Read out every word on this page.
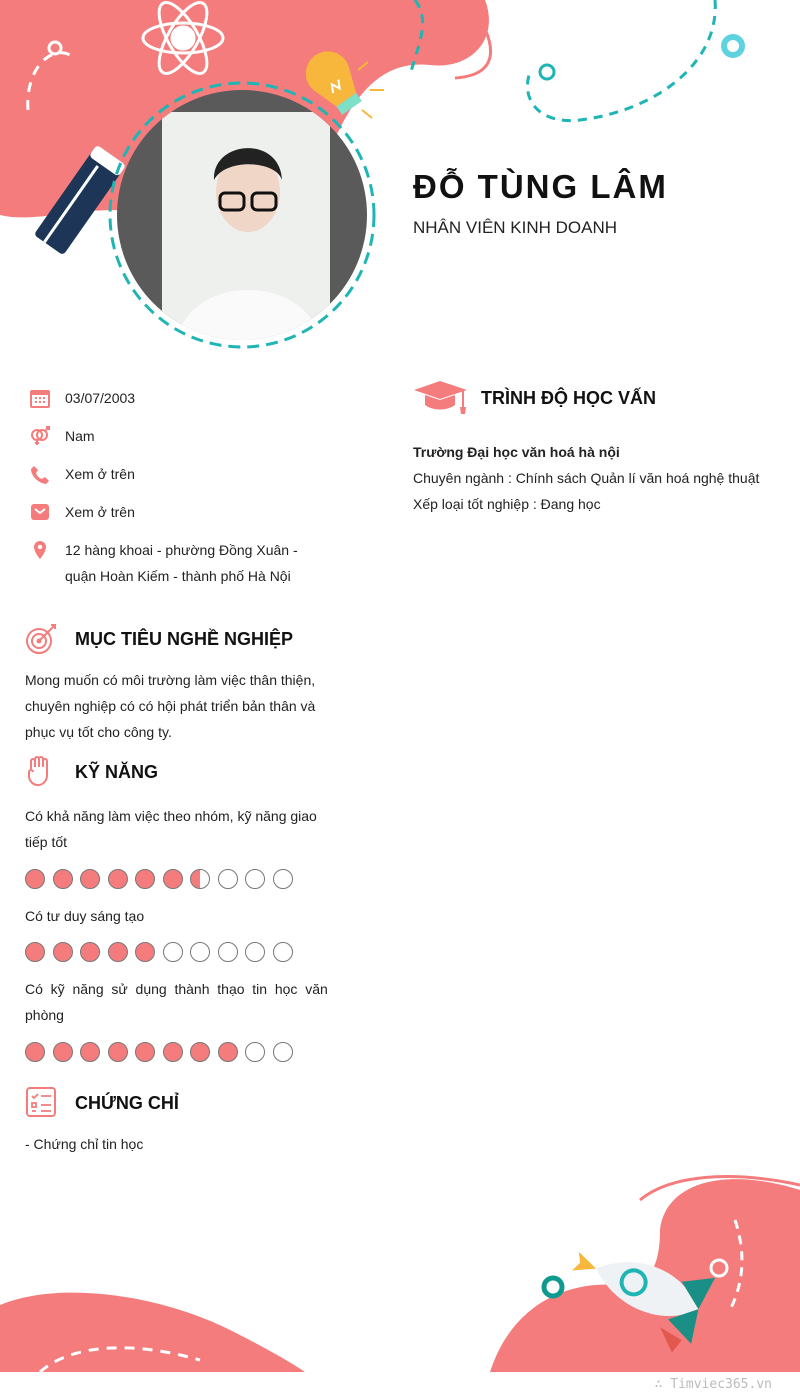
ĐỖ TÙNG LÂM
NHÂN VIÊN KINH DOANH
03/07/2003
Nam
Xem ở trên
Xem ở trên
12 hàng khoai - phường Đồng Xuân -
quận Hoàn Kiếm - thành phố Hà Nội
MỤC TIÊU NGHỀ NGHIỆP
Mong muốn có môi trường làm việc thân thiện,
chuyên nghiệp có có hội phát triển bản thân và
phục vụ tốt cho công ty.
KỸ NĂNG
Có khả năng làm việc theo nhóm, kỹ năng giao
tiếp tốt
Có tư duy sáng tạo
Có  kỹ  năng  sử  dụng  thành  thạo  tin  học  văn
phòng
CHỨNG CHỈ
- Chứng chỉ tin học
TRÌNH ĐỘ HỌC VẤN
Trường Đại học văn hoá hà nội
Chuyên ngành : Chính sách Quản lí văn hoá nghệ thuật
Xếp loại tốt nghiệp : Đang học
∴ Timviec365.vn
